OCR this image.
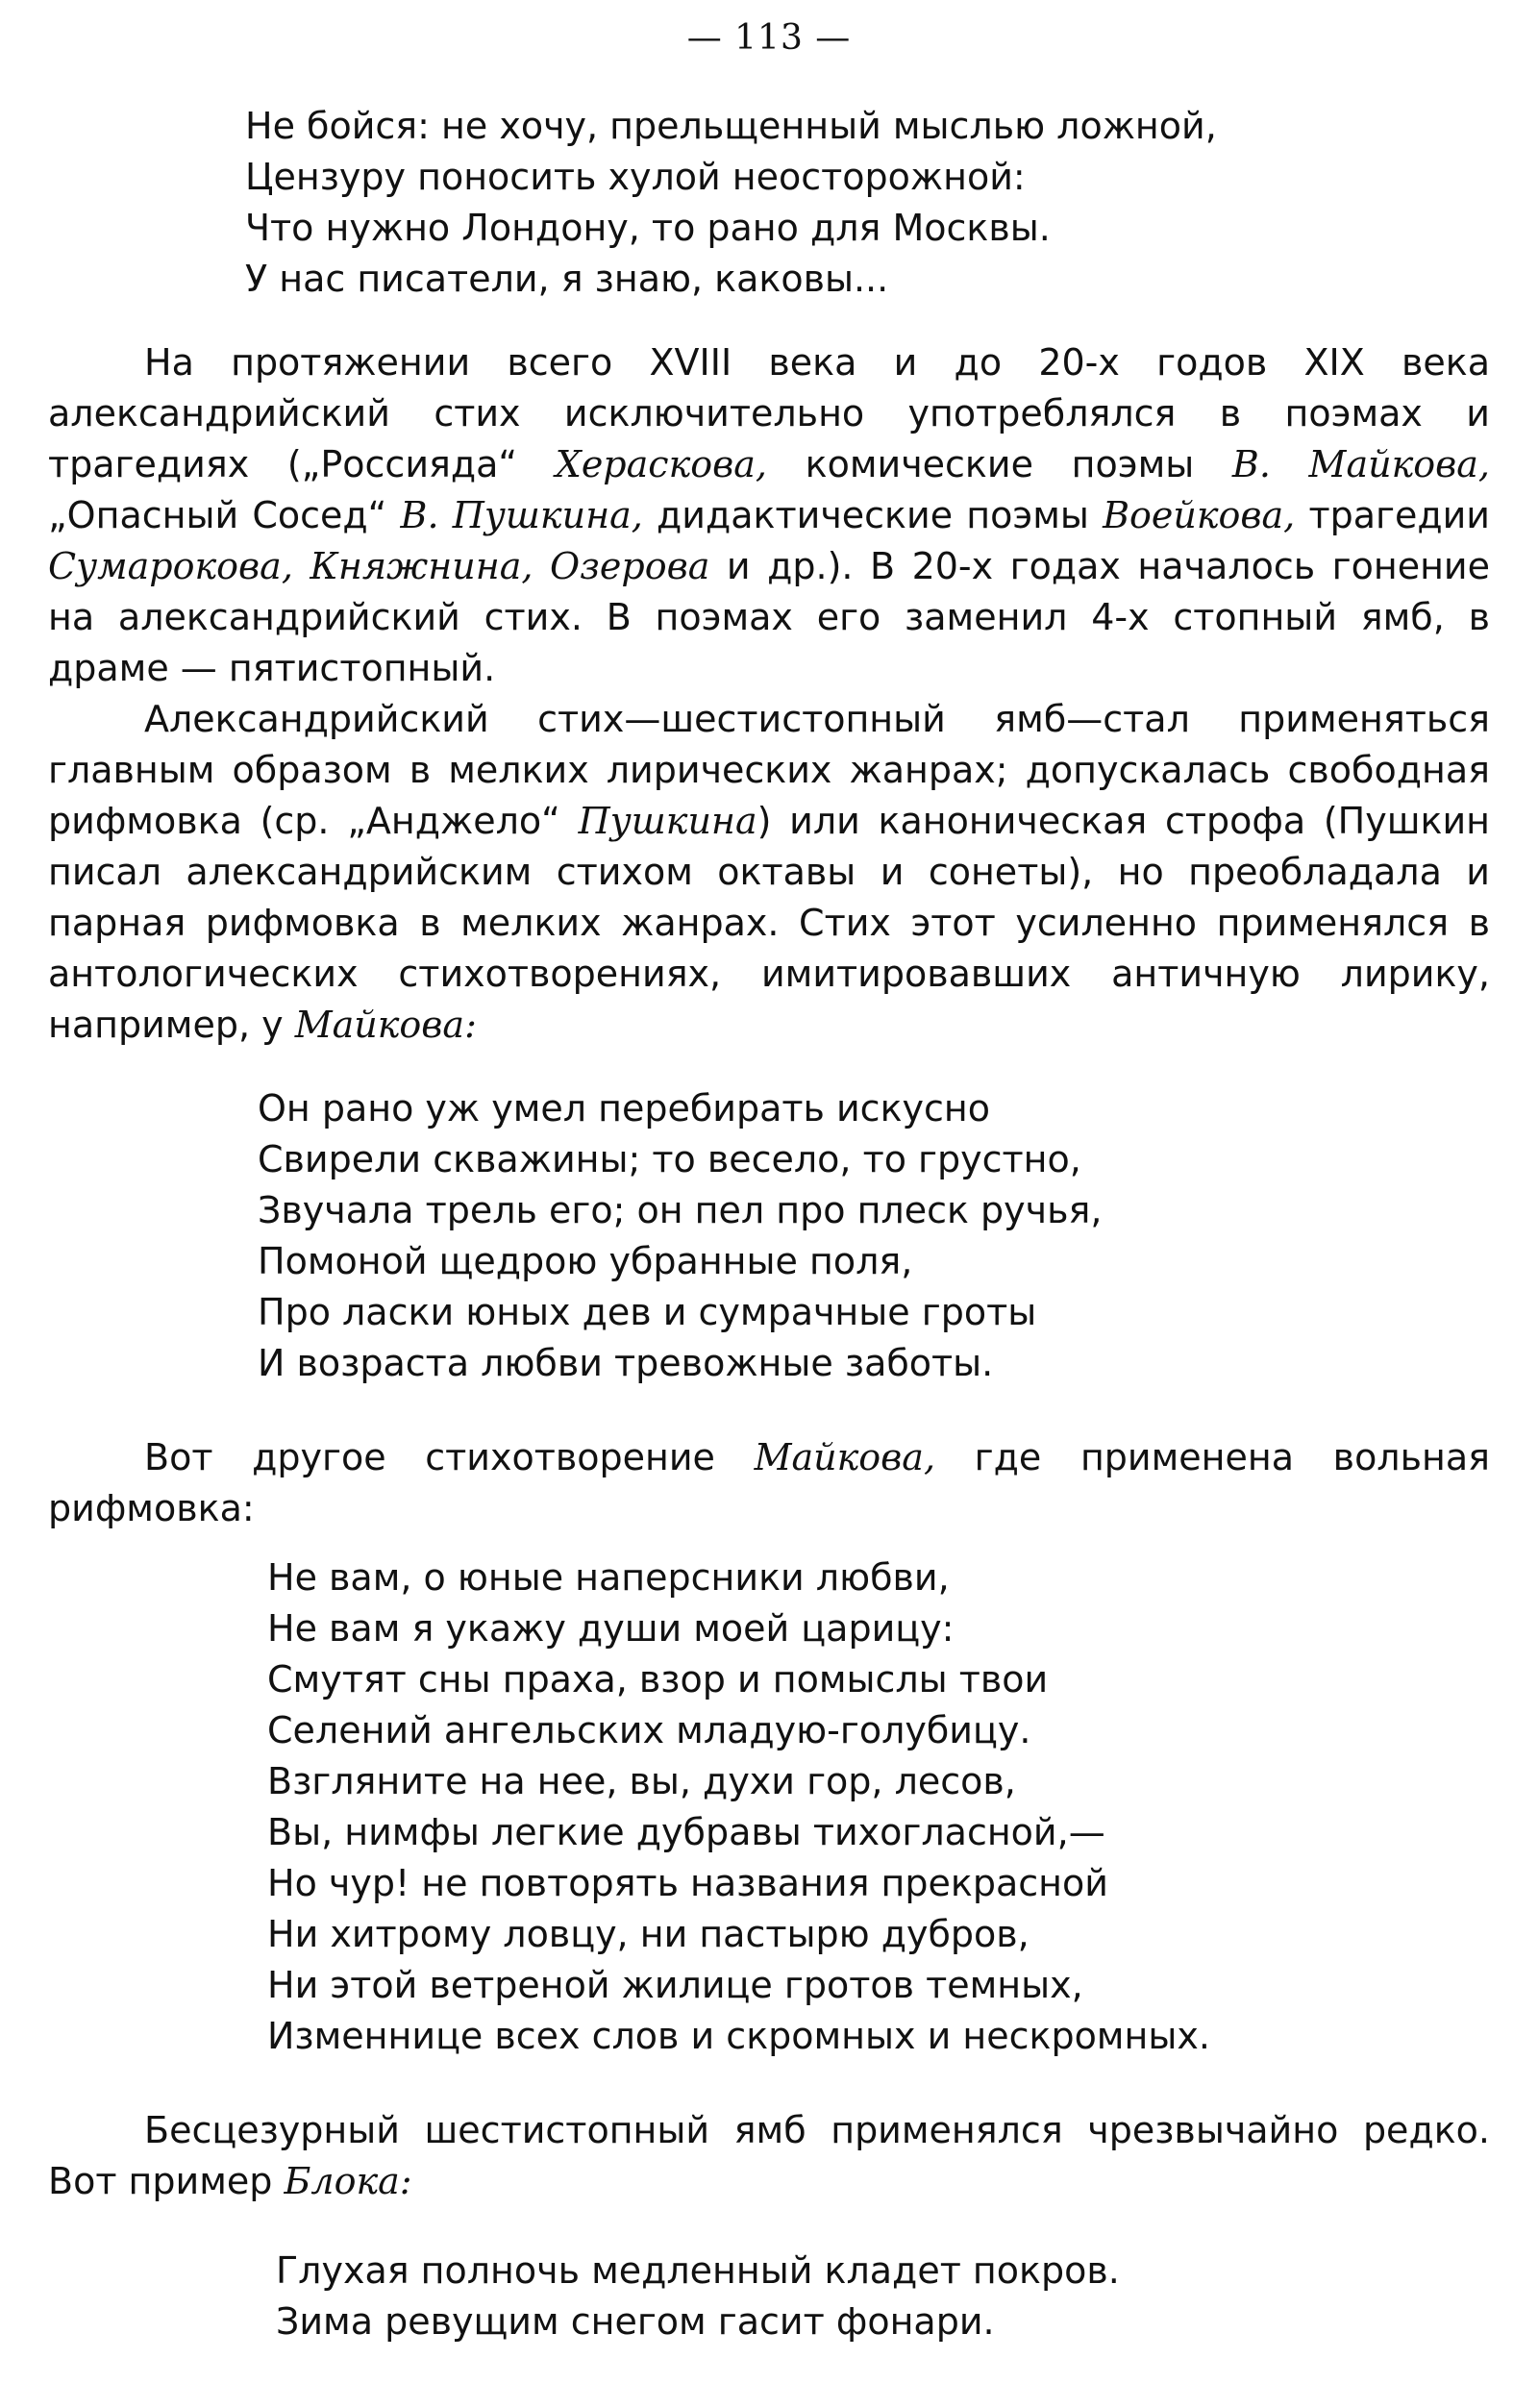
— 113 —
Не бойся: не хочу, прельщенный мыслью ложной,
Цензуру поносить хулой неосторожной:
Что нужно Лондону, то рано для Москвы.
У нас писатели, я знаю, каковы...

На протяжении всего XVIII века и до 20-х годов XIX века александрийский стих исключительно употреблялся в поэмах и трагедиях („Россияда“ Хераскова, комические поэмы В. Майкова, „Опасный Сосед“ В. Пушкина, дидактические поэмы Воейкова, трагедии Сумарокова, Княжнина, Озерова и др.). В 20-х годах началось гонение на александрийский стих. В поэмах его заменил 4-х стопный ямб, в драме — пятистопный.

Александрийский стих—шестистопный ямб—стал применяться главным образом в мелких лирических жанрах; допускалась свободная рифмовка (ср. „Анджело“ Пушкина) или каноническая строфа (Пушкин писал александрийским стихом октавы и сонеты), но преобладала и парная рифмовка в мелких жанрах. Стих этот усиленно применялся в антологических стихотворениях, имитировавших античную лирику, например, у Майкова:

Он рано уж умел перебирать искусно
Свирели скважины; то весело, то грустно,
Звучала трель его; он пел про плеск ручья,
Помоной щедрою убранные поля,
Про ласки юных дев и сумрачные гроты
И возраста любви тревожные заботы.

Вот другое стихотворение Майкова, где применена вольная рифмовка:

Не вам, о юные наперсники любви,
Не вам я укажу души моей царицу:
Смутят сны праха, взор и помыслы твои
Селений ангельских младую-голубицу.
Взгляните на нее, вы, духи гор, лесов,
Вы, нимфы легкие дубравы тихогласной,—
Но чур! не повторять названия прекрасной
Ни хитрому ловцу, ни пастырю дубров,
Ни этой ветреной жилице гротов темных,
Изменнице всех слов и скромных и нескромных.

Бесцезурный шестистопный ямб применялся чрезвычайно редко. Вот пример Блока:

Глухая полночь медленный кладет покров.
Зима ревущим снегом гасит фонари.
